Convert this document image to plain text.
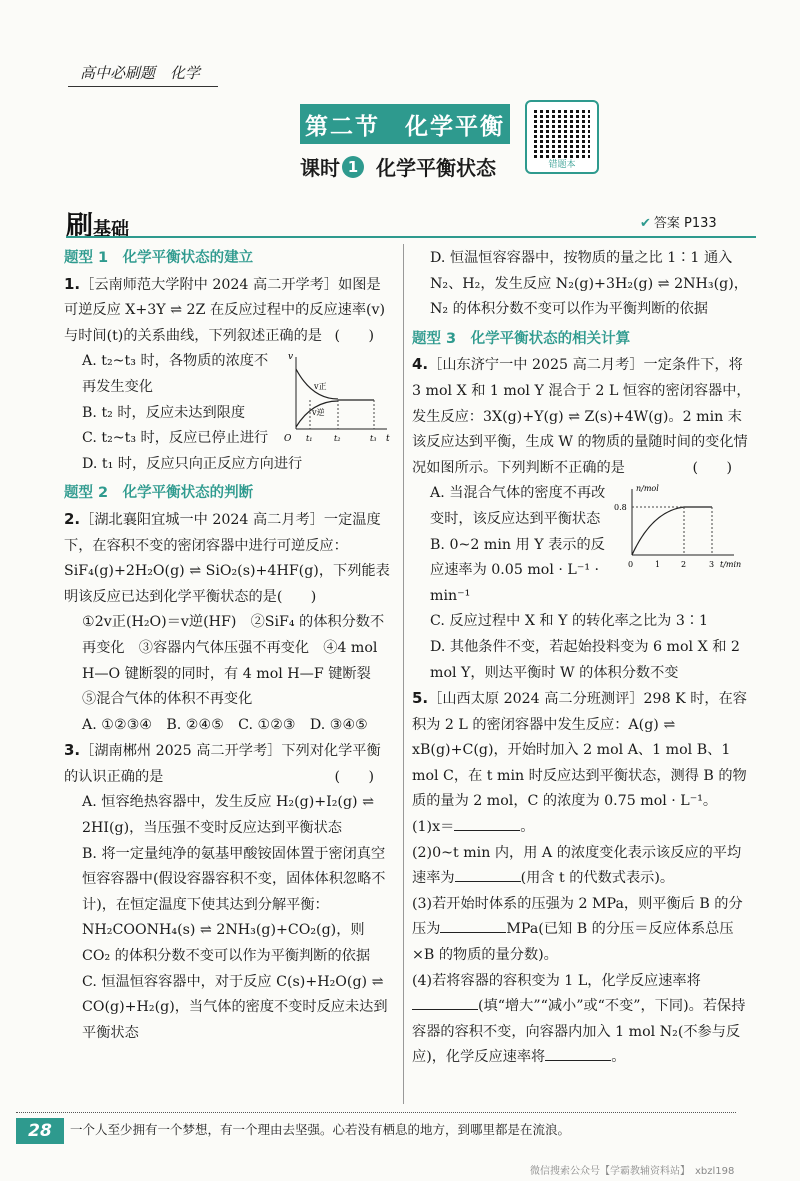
高中必刷题　化学
第二节　化学平衡
课时 1 化学平衡状态	错题本
刷基础	✔ 答案 P133

题型 1　化学平衡状态的建立

1.［云南师范大学附中 2024 高二开学考］如图是可逆反应 X+3Y ⇌ 2Z 在反应过程中的反应速率(v)与时间(t)的关系曲线，下列叙述正确的是 (　　)

v
v正
v逆
O t₁	t₂	t₃ t

A. t₂~t₃ 时，各物质的浓度不再发生变化

B. t₂ 时，反应未达到限度

C. t₂~t₃ 时，反应已停止进行

D. t₁ 时，反应只向正反应方向进行

题型 2　化学平衡状态的判断

2.［湖北襄阳宜城一中 2024 高二月考］一定温度下，在容积不变的密闭容器中进行可逆反应：SiF₄(g)+2H₂O(g) ⇌ SiO₂(s)+4HF(g)，下列能表明该反应已达到化学平衡状态的是(　　)

①2v正(H₂O)＝v逆(HF)　②SiF₄ 的体积分数不再变化　③容器内气体压强不再变化　④4 mol H—O 键断裂的同时，有 4 mol H—F 键断裂　⑤混合气体的体积不再变化

A. ①②③④　B. ②④⑤　C. ①②③　D. ③④⑤

3.［湖南郴州 2025 高二开学考］下列对化学平衡的认识正确的是	(　　)

A. 恒容绝热容器中，发生反应 H₂(g)+I₂(g) ⇌ 2HI(g)，当压强不变时反应达到平衡状态

B. 将一定量纯净的氨基甲酸铵固体置于密闭真空恒容容器中(假设容器容积不变，固体体积忽略不计)，在恒定温度下使其达到分解平衡：NH₂COONH₄(s) ⇌ 2NH₃(g)+CO₂(g)，则 CO₂ 的体积分数不变可以作为平衡判断的依据

C. 恒温恒容容器中，对于反应 C(s)+H₂O(g) ⇌ CO(g)+H₂(g)，当气体的密度不变时反应未达到平衡状态

D. 恒温恒容容器中，按物质的量之比 1∶1 通入 N₂、H₂，发生反应 N₂(g)+3H₂(g) ⇌ 2NH₃(g)，N₂ 的体积分数不变可以作为平衡判断的依据

题型 3　化学平衡状态的相关计算

4.［山东济宁一中 2025 高二月考］一定条件下，将 3 mol X 和 1 mol Y 混合于 2 L 恒容的密闭容器中，发生反应：3X(g)+Y(g) ⇌ Z(s)+4W(g)。2 min 末该反应达到平衡，生成 W 的物质的量随时间的变化情况如图所示。下列判断不正确的是	(　　)

n/mol
0.8
0	1	2	3 t/min

A. 当混合气体的密度不再改变时，该反应达到平衡状态

B. 0~2 min 用 Y 表示的反应速率为 0.05 mol · L⁻¹ · min⁻¹

C. 反应过程中 X 和 Y 的转化率之比为 3∶1

D. 其他条件不变，若起始投料变为 6 mol X 和 2 mol Y，则达平衡时 W 的体积分数不变

5.［山西太原 2024 高二分班测评］298 K 时，在容积为 2 L 的密闭容器中发生反应：A(g) ⇌ xB(g)+C(g)，开始时加入 2 mol A、1 mol B、1 mol C，在 t min 时反应达到平衡状态，测得 B 的物质的量为 2 mol，C 的浓度为 0.75 mol · L⁻¹。

(1)x＝	。

(2)0~t min 内，用 A 的浓度变化表示该反应的平均速率为	(用含 t 的代数式表示)。

(3)若开始时体系的压强为 2 MPa，则平衡后 B 的分压为	MPa(已知 B 的分压＝反应体系总压×B 的物质的量分数)。

(4)若将容器的容积变为 1 L，化学反应速率将(填“增大”“减小”或“不变”，下同)。若保持容器的容积不变，向容器内加入 1 mol N₂(不参与反应)，化学反应速率将	。

28	一个人至少拥有一个梦想，有一个理由去坚强。心若没有栖息的地方，到哪里都是在流浪。
微信搜索公众号【学霸教辅资料站】　xbzl198
